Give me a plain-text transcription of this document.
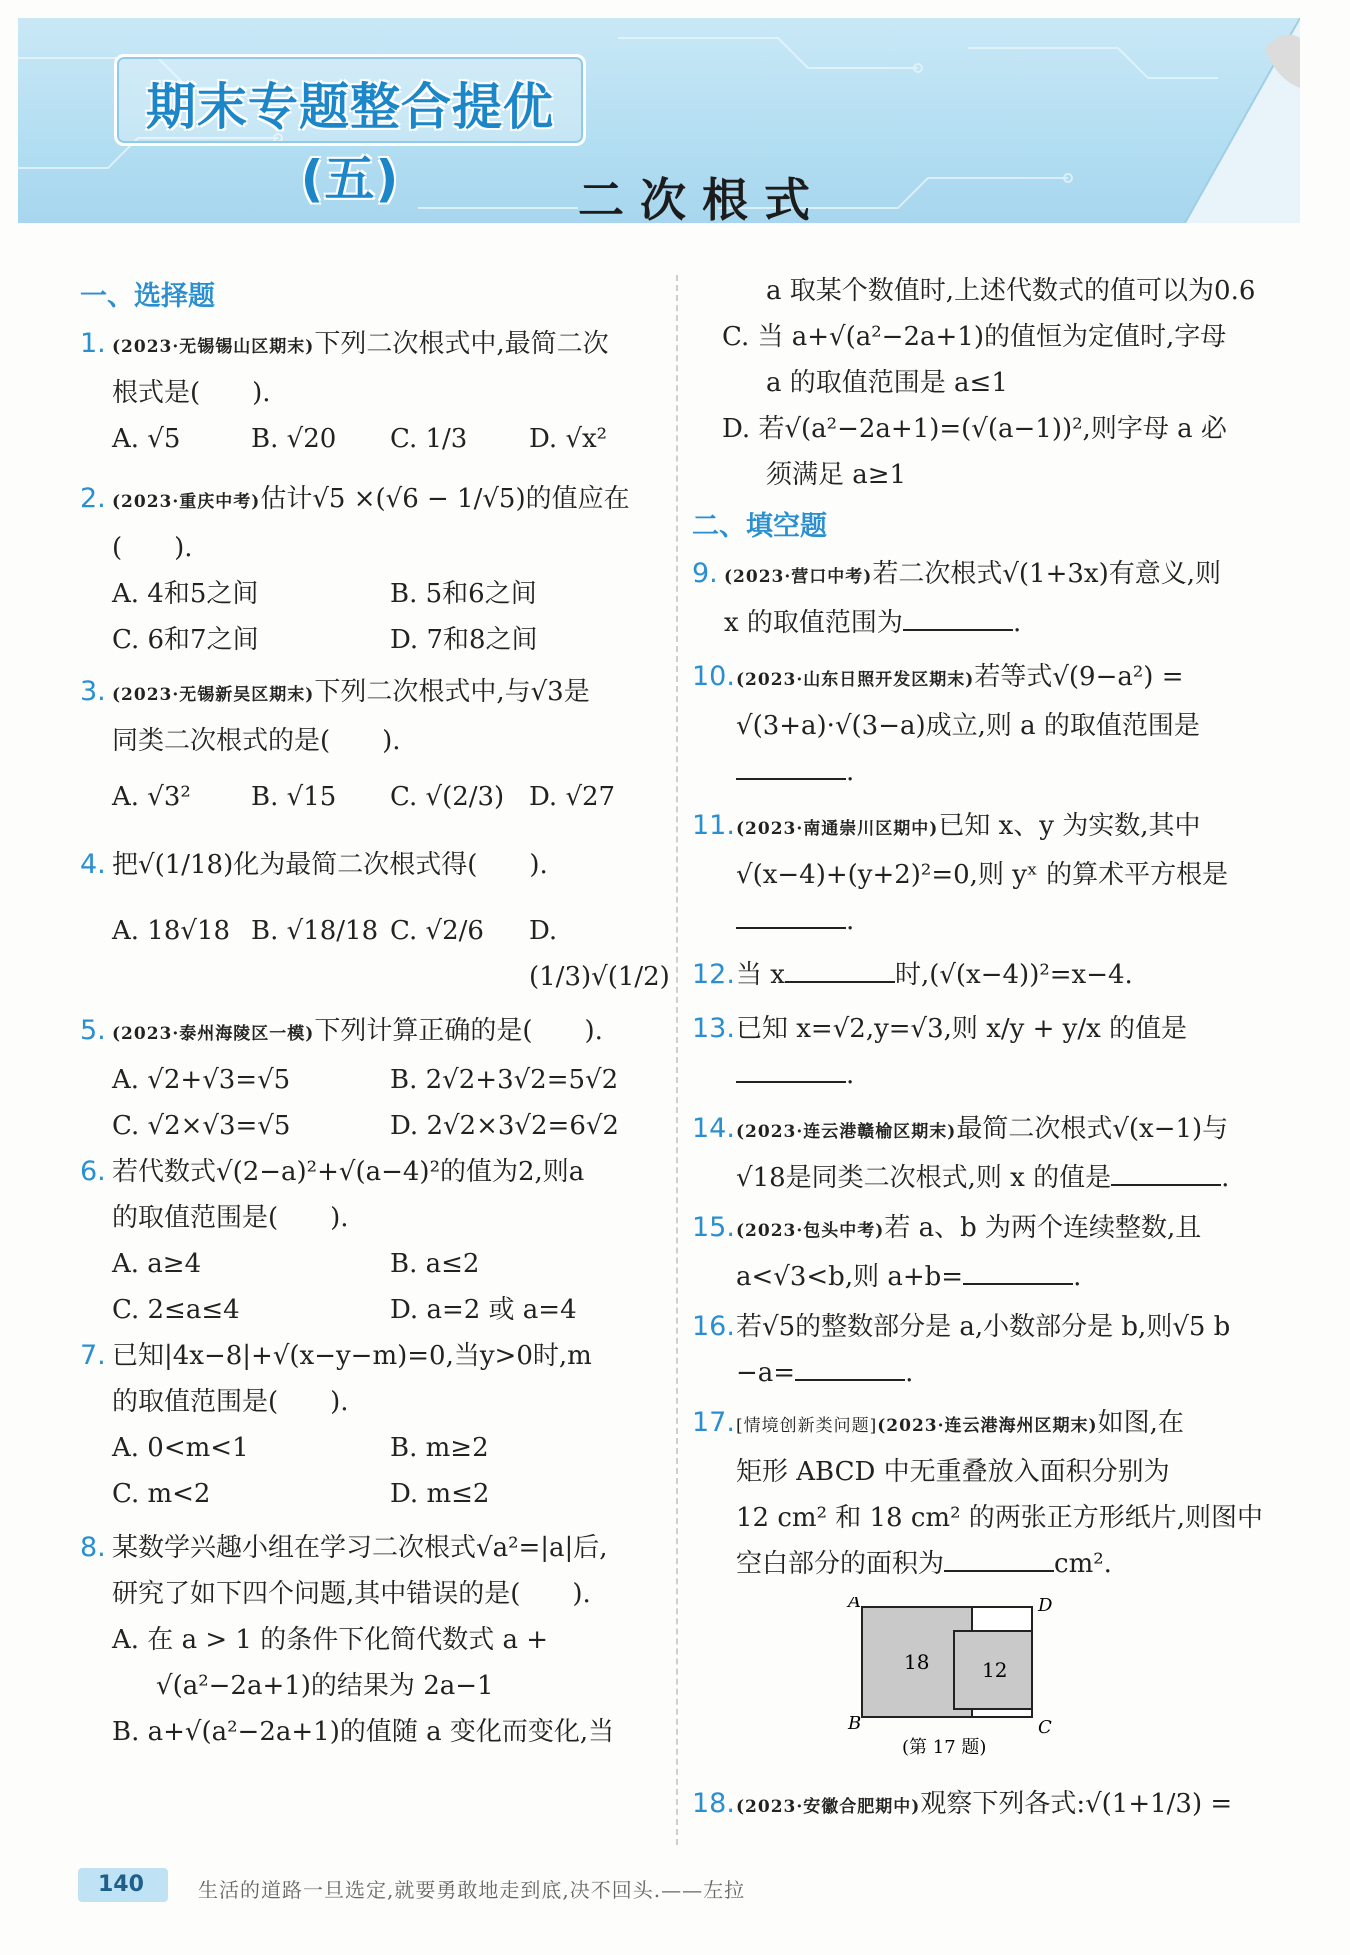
期末专题整合提优(五)	二次根式
一、选择题
1. (2023·无锡锡山区期末)下列二次根式中,最简二次
根式是(　　).
A. √5	B. √20	C. 1/3	D. √x²
2. (2023·重庆中考)估计√5 ×(√6 − 1/√5)的值应在
(　　).
A. 4和5之间	B. 5和6之间
C. 6和7之间	D. 7和8之间
3. (2023·无锡新吴区期末)下列二次根式中,与√3是
同类二次根式的是(　　).
A. √3²	B. √15	C. √(2/3) D. √27
4. 把√(1/18)化为最简二次根式得(　　).
A. 18√18 B. √18/18 C. √2/6	D. (1/3)√(1/2)
5. (2023·泰州海陵区一模)下列计算正确的是(　　).
A. √2+√3=√5	B. 2√2+3√2=5√2
C. √2×√3=√5	D. 2√2×3√2=6√2
6. 若代数式√(2−a)²+√(a−4)²的值为2,则a
的取值范围是(　　).
A. a≥4	B. a≤2
C. 2≤a≤4	D. a=2 或 a=4
7. 已知|4x−8|+√(x−y−m)=0,当y>0时,m
的取值范围是(　　).
A. 0<m<1	B. m≥2
C. m<2	D. m≤2
8. 某数学兴趣小组在学习二次根式√a²=|a|后,
研究了如下四个问题,其中错误的是(　　).
A. 在 a > 1 的条件下化简代数式 a +
√(a²−2a+1)的结果为 2a−1
B. a+√(a²−2a+1)的值随 a 变化而变化,当
a 取某个数值时,上述代数式的值可以为0.6
C. 当 a+√(a²−2a+1)的值恒为定值时,字母
a 的取值范围是 a≤1
D. 若√(a²−2a+1)=(√(a−1))²,则字母 a 必
须满足 a≥1
二、填空题
9. (2023·营口中考)若二次根式√(1+3x)有意义,则
x 的取值范围为	.
10. (2023·山东日照开发区期末)若等式√(9−a²) =
√(3+a)·√(3−a)成立,则 a 的取值范围是
.
11. (2023·南通崇川区期中)已知 x、y 为实数,其中
√(x−4)+(y+2)²=0,则 yˣ 的算术平方根是
.
12. 当 x	时,(√(x−4))²=x−4.
13. 已知 x=√2,y=√3,则 x/y + y/x 的值是.
14. (2023·连云港赣榆区期末)最简二次根式√(x−1)与
√18是同类二次根式,则 x 的值是	.
15. (2023·包头中考)若 a、b 为两个连续整数,且
a<√3<b,则 a+b=	.
16. 若√5的整数部分是 a,小数部分是 b,则√5 b
−a=	.
17. [情境创新类问题](2023·连云港海州区期末)如图,在
矩形 ABCD 中无重叠放入面积分别为
12 cm² 和 18 cm² 的两张正方形纸片,则图中
空白部分的面积为	cm².
A	D
B	C
18	12
(第 17 题)
18. (2023·安徽合肥期中)观察下列各式:√(1+1/3) =
140	生活的道路一旦选定,就要勇敢地走到底,决不回头.——左拉
